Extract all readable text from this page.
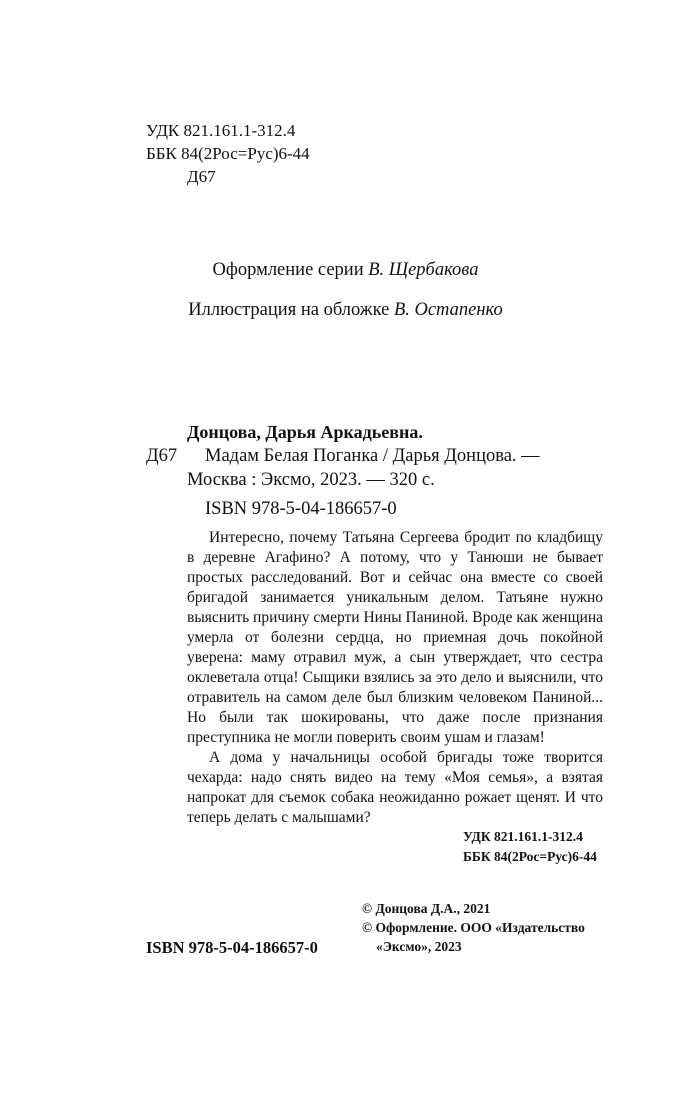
УДК 821.161.1-312.4
ББК 84(2Рос=Рус)6-44
Д67
Оформление серии В. Щербакова
Иллюстрация на обложке В. Остапенко
Донцова, Дарья Аркадьевна.
Д67 Мадам Белая Поганка / Дарья Донцова. —
Москва : Эксмо, 2023. — 320 с.
ISBN 978-5-04-186657-0

Интересно, почему Татьяна Сергеева бродит по кладбищу в деревне Агафино? А потому, что у Танюши не бывает простых расследований. Вот и сейчас она вместе со своей бригадой занимается уникальным делом. Татьяне нужно выяснить причину смерти Нины Паниной. Вроде как женщина умерла от болезни сердца, но приемная дочь покойной уверена: маму отравил муж, а сын утверждает, что сестра оклеветала отца! Сыщики взялись за это дело и выяснили, что отравитель на самом деле был близким человеком Паниной... Но были так шокированы, что даже после признания преступника не могли поверить своим ушам и глазам!

А дома у начальницы особой бригады тоже творится чехарда: надо снять видео на тему «Моя семья», а взятая напрокат для съемок собака неожиданно рожает щенят. И что теперь делать с малышами?

УДК 821.161.1-312.4
ББК 84(2Рос=Рус)6-44
© Донцова Д.А., 2021
© Оформление. ООО «Издательство
«Эксмо», 2023
ISBN 978-5-04-186657-0
